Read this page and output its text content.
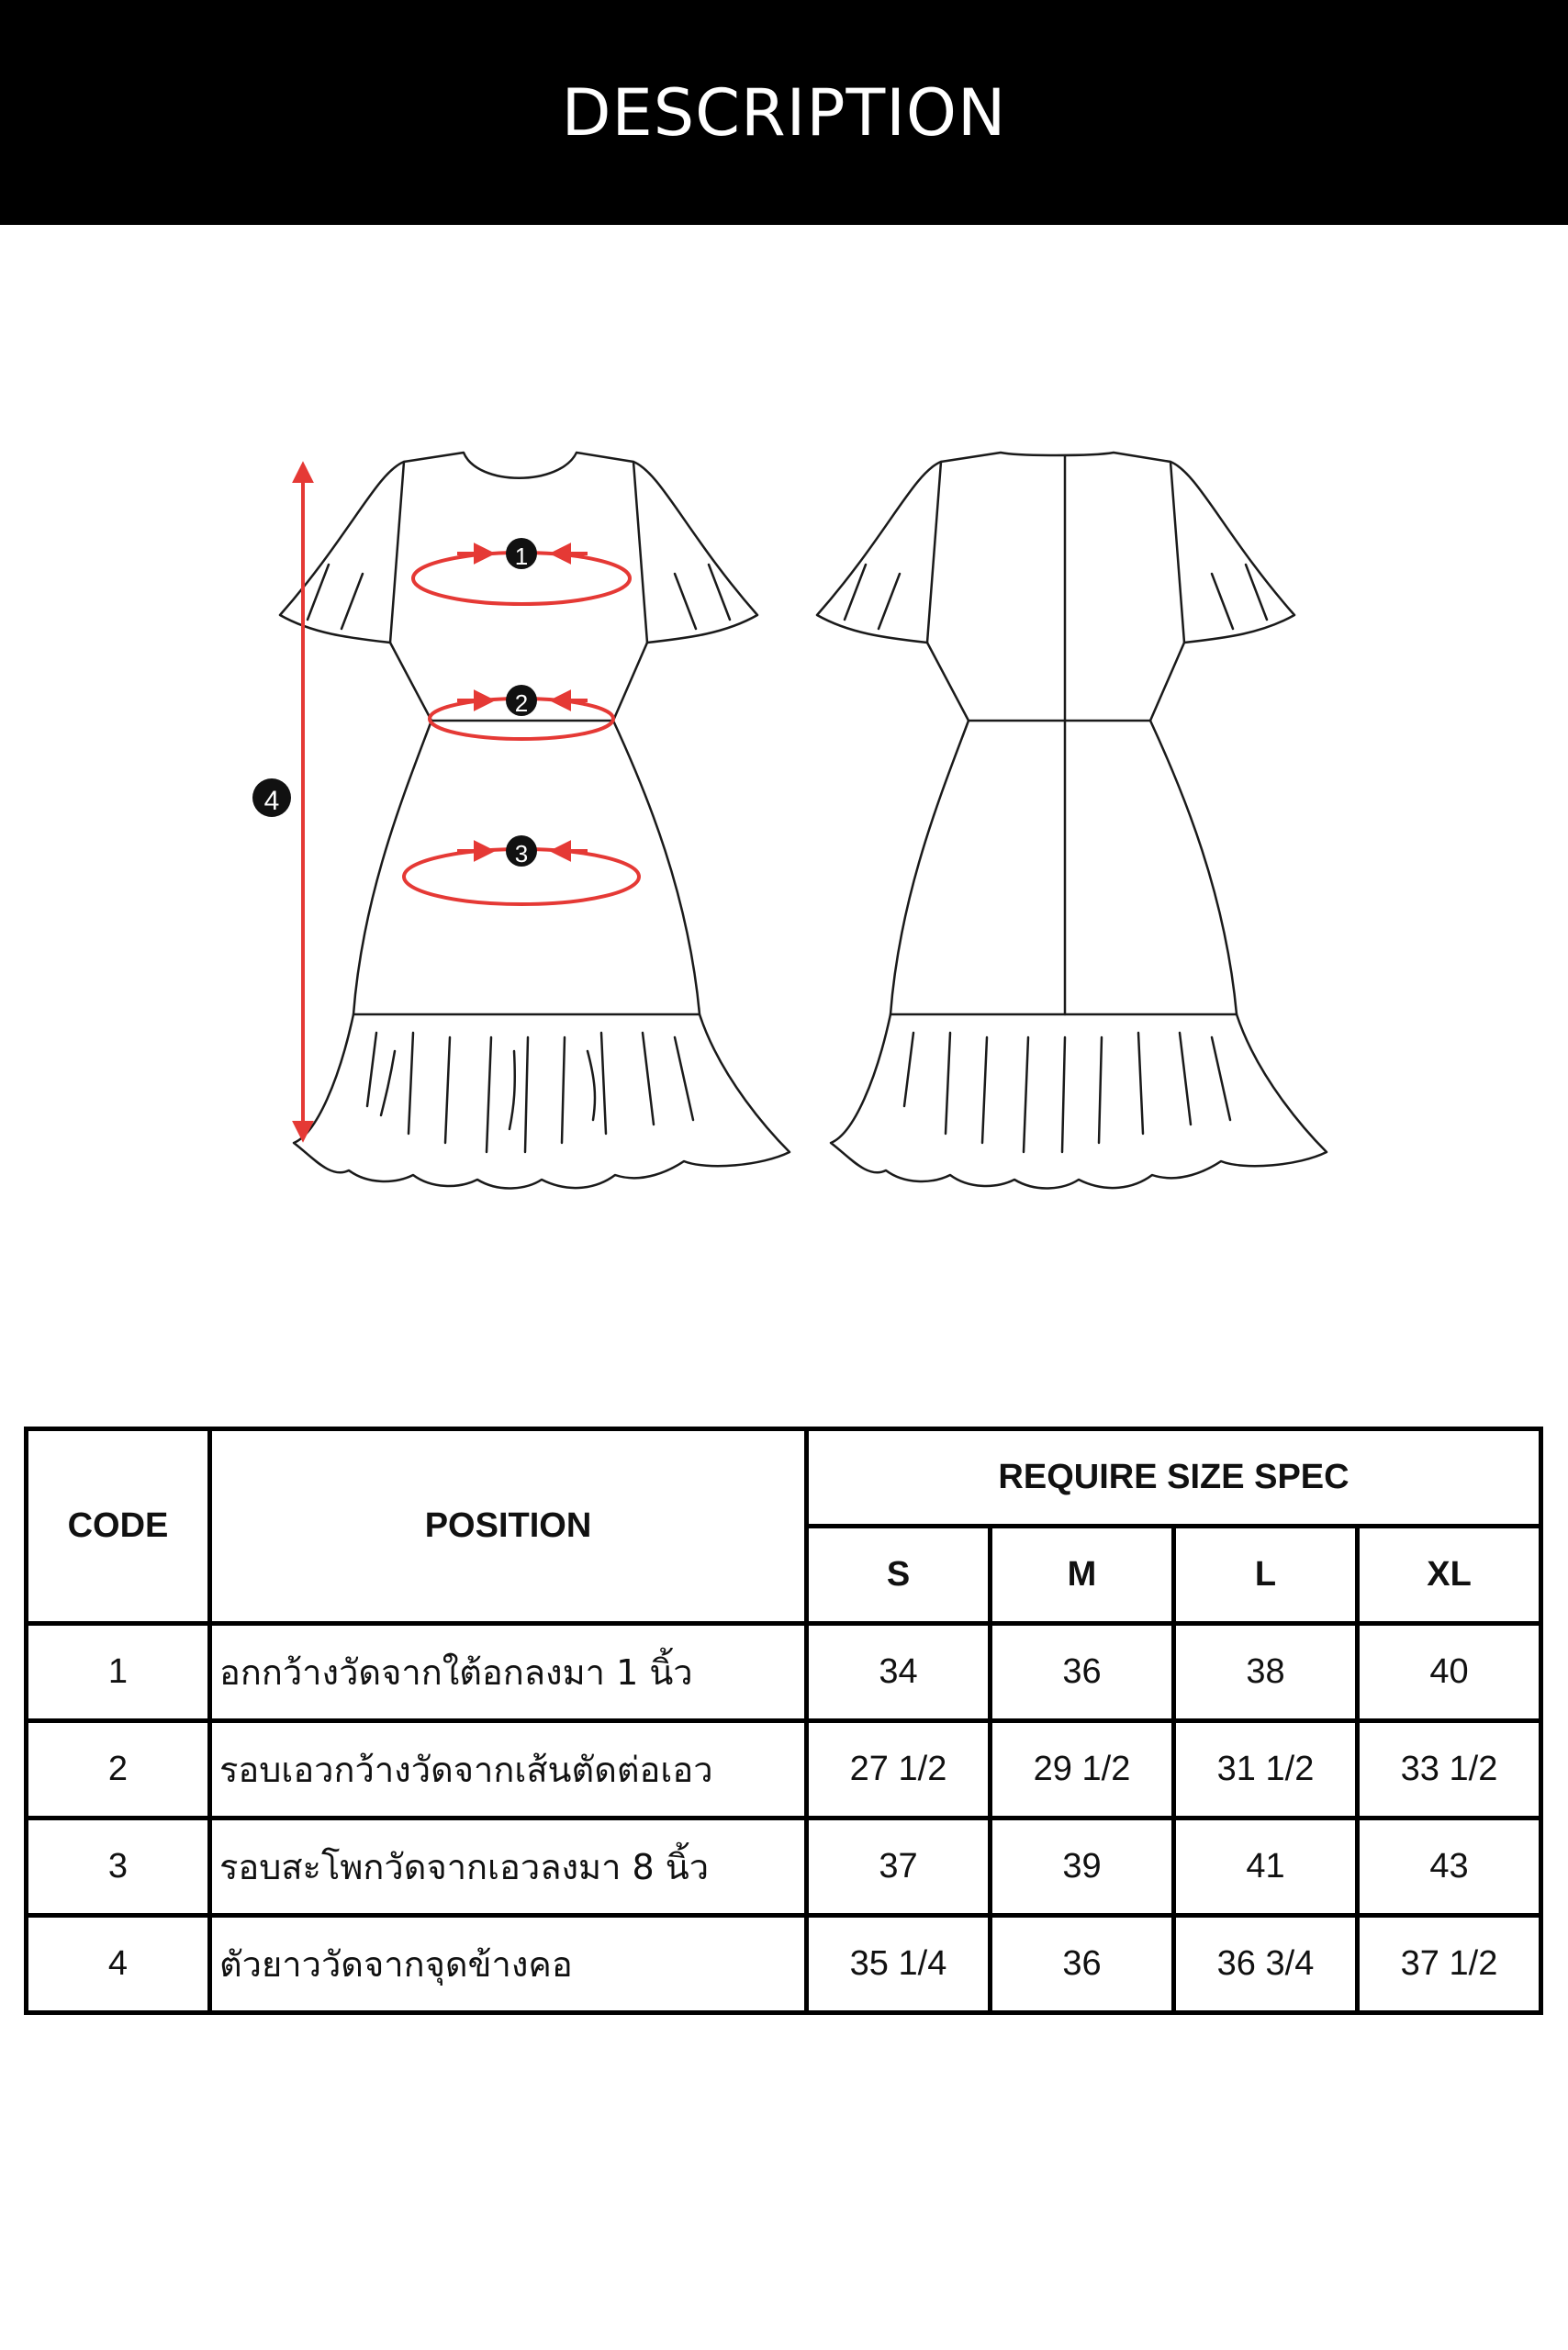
DESCRIPTION
1
2
3
4
CODE	POSITION	REQUIRE SIZE SPEC			
		S	M	L	XL
1	อกกว้างวัดจากใต้อกลงมา 1 นิ้ว	34	36	38	40
2	รอบเอวกว้างวัดจากเส้นตัดต่อเอว	27 1/2	29 1/2	31 1/2	33 1/2
3	รอบสะโพกวัดจากเอวลงมา 8 นิ้ว	37	39	41	43
4	ตัวยาววัดจากจุดข้างคอ	35 1/4	36	36 3/4	37 1/2
